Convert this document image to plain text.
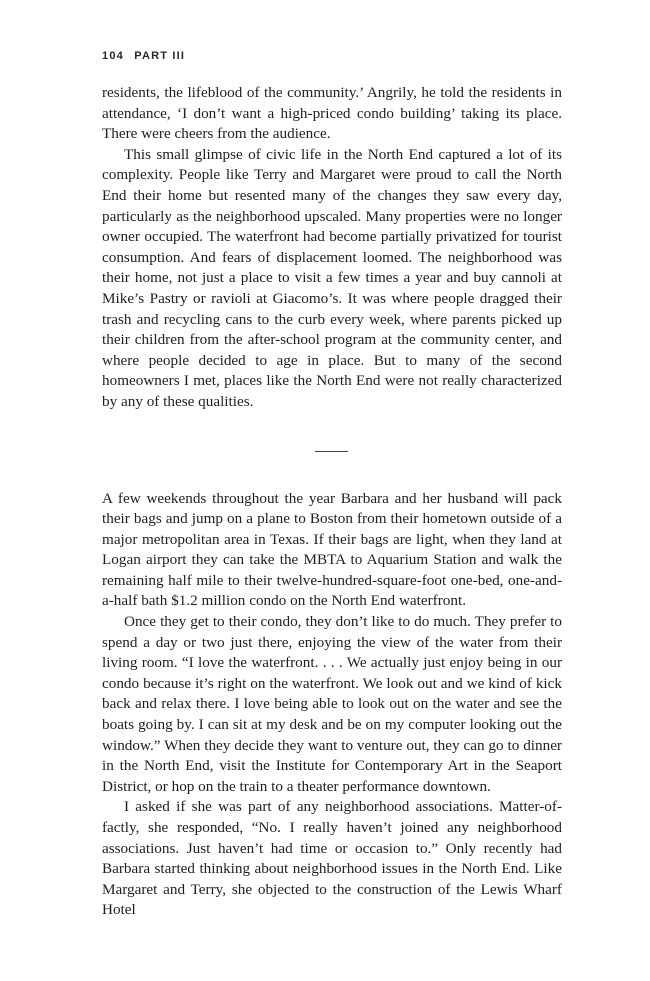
104 PART III

residents, the lifeblood of the community.’ Angrily, he told the residents in attendance, ‘I don’t want a high-priced condo building’ taking its place. There were cheers from the audience.

This small glimpse of civic life in the North End captured a lot of its complexity. People like Terry and Margaret were proud to call the North End their home but resented many of the changes they saw every day, particularly as the neighborhood upscaled. Many properties were no longer owner occupied. The waterfront had become partially privatized for tourist consumption. And fears of displacement loomed. The neighborhood was their home, not just a place to visit a few times a year and buy cannoli at Mike’s Pastry or ravioli at Giacomo’s. It was where people dragged their trash and recycling cans to the curb every week, where parents picked up their children from the after-school program at the community center, and where people decided to age in place. But to many of the second homeowners I met, places like the North End were not really characterized by any of these qualities.

A few weekends throughout the year Barbara and her husband will pack their bags and jump on a plane to Boston from their hometown outside of a major metropolitan area in Texas. If their bags are light, when they land at Logan airport they can take the MBTA to Aquarium Station and walk the remaining half mile to their twelve-hundred-square-foot one-bed, one-and-a-half bath $1.2 million condo on the North End waterfront.

Once they get to their condo, they don’t like to do much. They prefer to spend a day or two just there, enjoying the view of the water from their living room. “I love the waterfront. . . . We actually just enjoy being in our condo because it’s right on the waterfront. We look out and we kind of kick back and relax there. I love being able to look out on the water and see the boats going by. I can sit at my desk and be on my computer looking out the window.” When they decide they want to venture out, they can go to dinner in the North End, visit the Institute for Contemporary Art in the Seaport District, or hop on the train to a theater performance downtown.

I asked if she was part of any neighborhood associations. Matter-of-factly, she responded, “No. I really haven’t joined any neighborhood associations. Just haven’t had time or occasion to.” Only recently had Barbara started thinking about neighborhood issues in the North End. Like Margaret and Terry, she objected to the construction of the Lewis Wharf Hotel
